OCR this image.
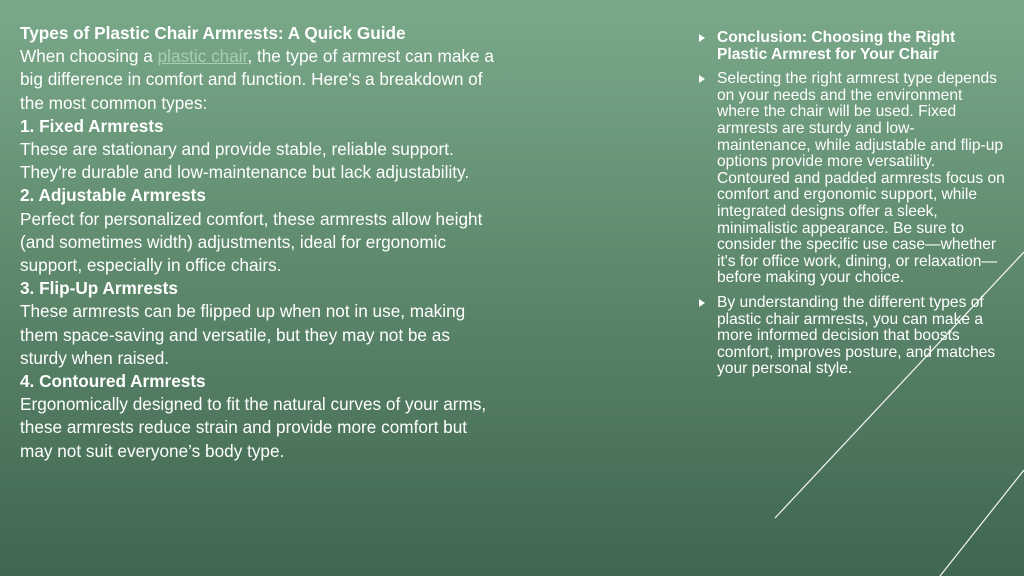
Types of Plastic Chair Armrests: A Quick Guide
When choosing a plastic chair, the type of armrest can make a big difference in comfort and function. Here's a breakdown of the most common types:
1. Fixed Armrests
These are stationary and provide stable, reliable support. They're durable and low-maintenance but lack adjustability.
2. Adjustable Armrests
Perfect for personalized comfort, these armrests allow height (and sometimes width) adjustments, ideal for ergonomic support, especially in office chairs.
3. Flip-Up Armrests
These armrests can be flipped up when not in use, making them space-saving and versatile, but they may not be as sturdy when raised.
4. Contoured Armrests
Ergonomically designed to fit the natural curves of your arms, these armrests reduce strain and provide more comfort but may not suit everyone’s body type.
Conclusion: Choosing the Right Plastic Armrest for Your Chair
Selecting the right armrest type depends on your needs and the environment where the chair will be used. Fixed armrests are sturdy and low-maintenance, while adjustable and flip-up options provide more versatility. Contoured and padded armrests focus on comfort and ergonomic support, while integrated designs offer a sleek, minimalistic appearance. Be sure to consider the specific use case—whether it's for office work, dining, or relaxation—before making your choice.
By understanding the different types of plastic chair armrests, you can make a more informed decision that boosts comfort, improves posture, and matches your personal style.
